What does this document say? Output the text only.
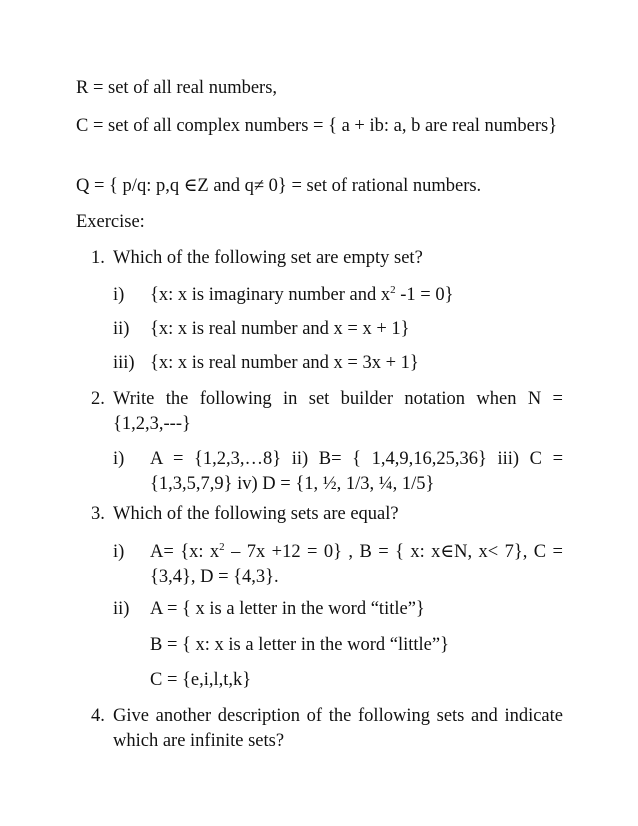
R = set of all real numbers,

C = set of all complex numbers = { a + ib: a, b are real numbers}

Q = { p/q: p,q ∈Z and q≠ 0} = set of rational numbers.

Exercise:

1. Which of the following set are empty set?

i) {x: x is imaginary number and $x^2$ -1 = 0}

ii) {x: x is real number and x = x + 1}

iii) {x: x is real number and x = 3x + 1}

2. Write the following in set builder notation when N = {1,2,3,---}

i) A = {1,2,3,…8} ii) B= { 1,4,9,16,25,36} iii) C = {1,3,5,7,9} iv) D = {1, ½, 1/3, ¼, 1/5}

3. Which of the following sets are equal?

i) A= {x: $x^2 - 7x +12 = 0$} , B = { x: x∈N, x< 7}, C = {3,4}, D = {4,3}.

ii) A = { x is a letter in the word “title”}

B = { x: x is a letter in the word “little”}

C = {e,i,l,t,k}

4. Give another description of the following sets and indicate which are infinite sets?
